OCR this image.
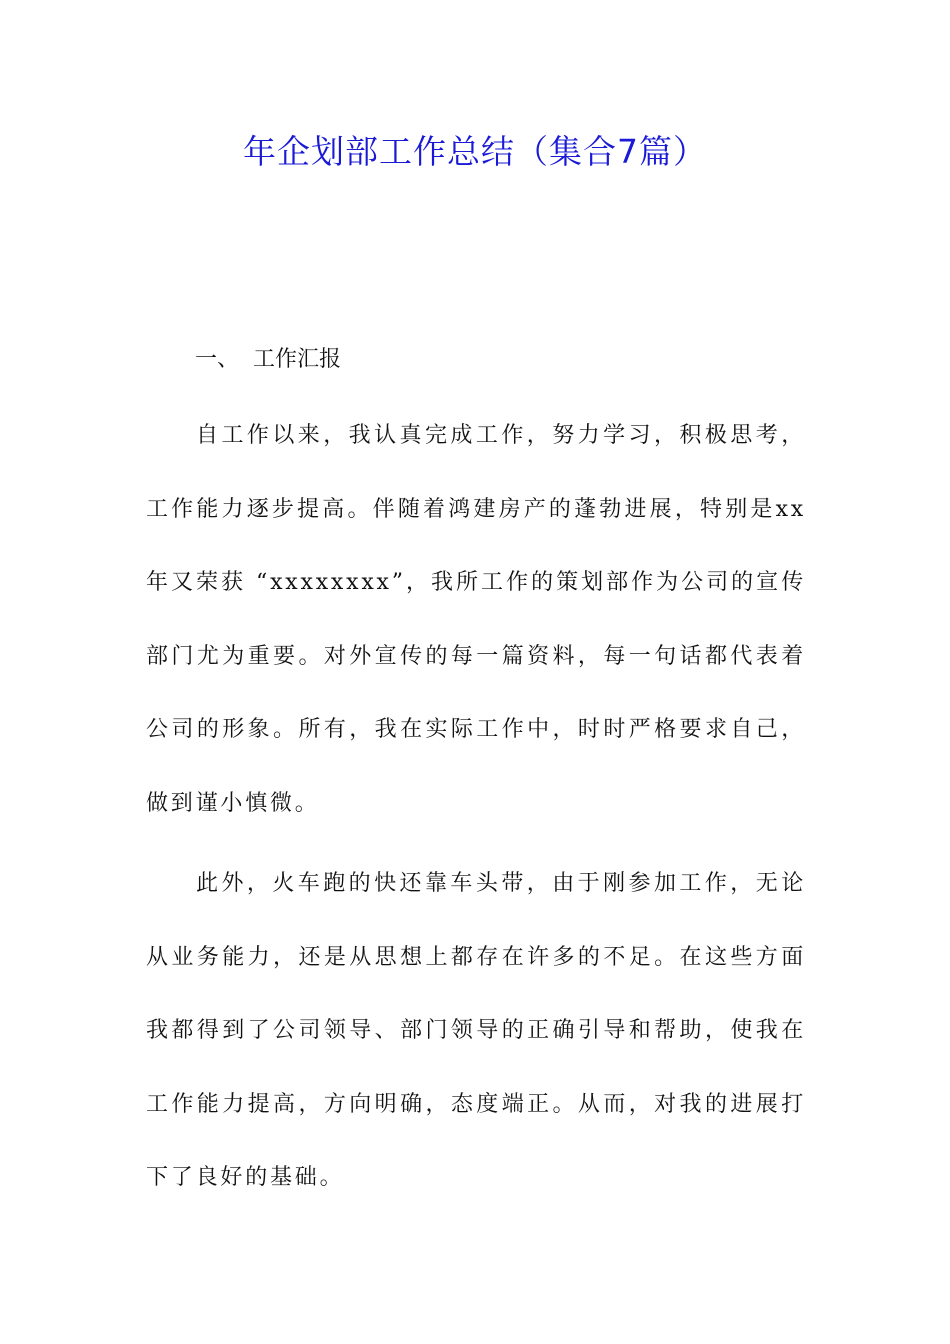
年企划部工作总结（集合7篇）
一、 工作汇报

自工作以来，我认真完成工作，努力学习，积极思考，工作能力逐步提高。伴随着鸿建房产的蓬勃进展，特别是xx年又荣获 “xxxxxxxx”，我所工作的策划部作为公司的宣传部门尤为重要。对外宣传的每一篇资料，每一句话都代表着公司的形象。所有，我在实际工作中，时时严格要求自己，做到谨小慎微。

此外，火车跑的快还靠车头带，由于刚参加工作，无论从业务能力，还是从思想上都存在许多的不足。在这些方面我都得到了公司领导、部门领导的正确引导和帮助，使我在工作能力提高，方向明确，态度端正。从而，对我的进展打下了良好的基础。
